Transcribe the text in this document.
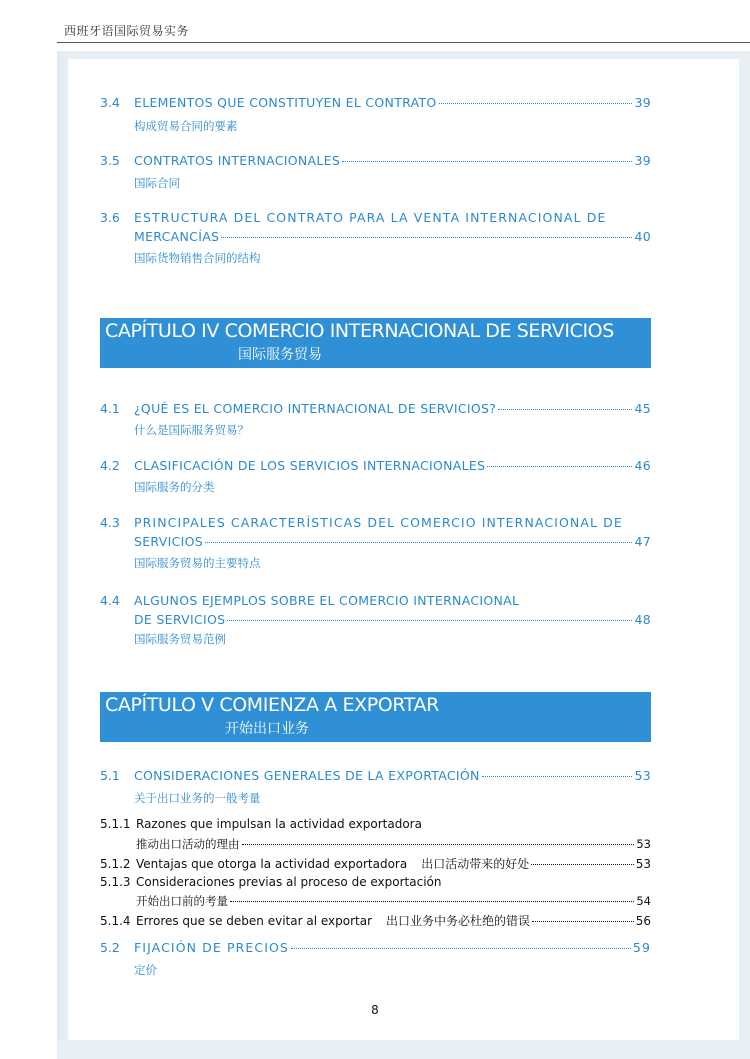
西班牙语国际贸易实务
3.4 ELEMENTOS QUE CONSTITUYEN EL CONTRATO	39
构成贸易合同的要素
3.5 CONTRATOS INTERNACIONALES	39
国际合同
3.6 ESTRUCTURA DEL CONTRATO PARA LA VENTA INTERNACIONAL DE
MERCANCÍAS	40
国际货物销售合同的结构
CAPÍTULO IV COMERCIO INTERNACIONAL DE SERVICIOS
国际服务贸易
4.1 ¿QUÉ ES EL COMERCIO INTERNACIONAL DE SERVICIOS?	45
什么是国际服务贸易？
4.2 CLASIFICACIÓN DE LOS SERVICIOS INTERNACIONALES	46
国际服务的分类
4.3 PRINCIPALES CARACTERÍSTICAS DEL COMERCIO INTERNACIONAL DE
SERVICIOS	47
国际服务贸易的主要特点
4.4 ALGUNOS EJEMPLOS SOBRE EL COMERCIO INTERNACIONAL
DE SERVICIOS	48
国际服务贸易范例
CAPÍTULO V COMIENZA A EXPORTAR
开始出口业务
5.1 CONSIDERACIONES GENERALES DE LA EXPORTACIÓN	53
关于出口业务的一般考量
5.1.1 Razones que impulsan la actividad exportadora
推动出口活动的理由	53
5.1.2 Ventajas que otorga la actividad exportadora 出口活动带来的好处	53
5.1.3 Consideraciones previas al proceso de exportación
开始出口前的考量	54
5.1.4 Errores que se deben evitar al exportar 出口业务中务必杜绝的错误	56
5.2 FIJACIÓN DE PRECIOS	59
定价
8
